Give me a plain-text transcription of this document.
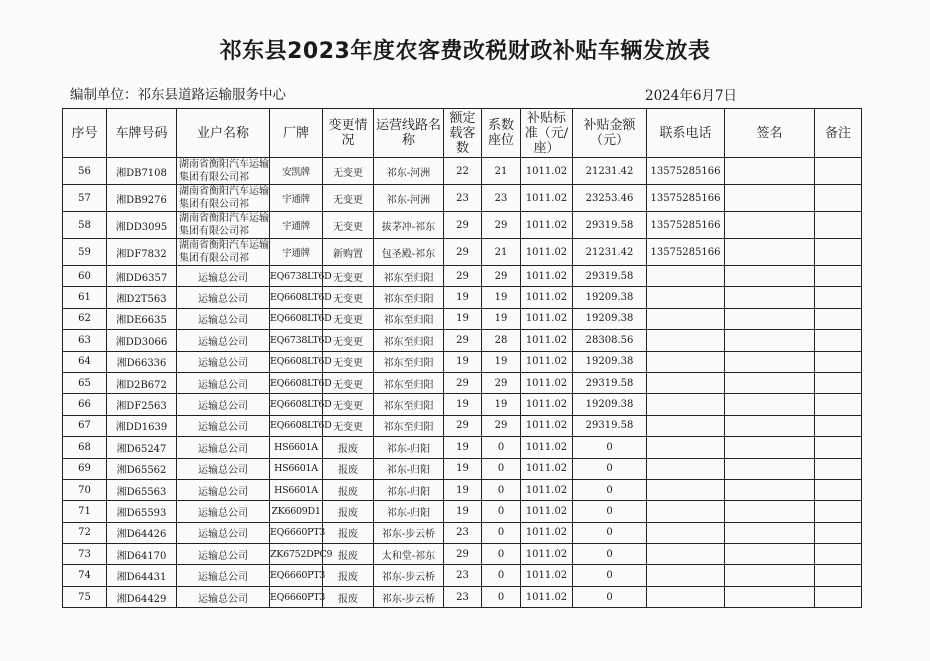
祁东县2023年度农客费改税财政补贴车辆发放表
编制单位：祁东县道路运输服务中心	2024年6月7日
序号	车牌号码	业户名称	厂牌	变更情况	运营线路名称	额定载客数	系数座位	补贴标准（元/座）	补贴金额（元）	联系电话	签名	备注
56	湘DB7108	湖南省衡阳汽车运输集团有限公司祁	安凯牌	无变更	祁东-河洲	22	21	1011.02	21231.42	13575285166		
57	湘DB9276	湖南省衡阳汽车运输集团有限公司祁	宇通牌	无变更	祁东-河洲	23	23	1011.02	23253.46	13575285166		
58	湘DD3095	湖南省衡阳汽车运输集团有限公司祁	宇通牌	无变更	拔茅冲-祁东	29	29	1011.02	29319.58	13575285166		
59	湘DF7832	湖南省衡阳汽车运输集团有限公司祁	宇通牌	新购置	包圣殿-祁东	29	21	1011.02	21231.42	13575285166		
60	湘DD6357	运输总公司	EQ6738LT6D	无变更	祁东至归阳	29	29	1011.02	29319.58			
61	湘D2T563	运输总公司	EQ6608LT6D	无变更	祁东至归阳	19	19	1011.02	19209.38			
62	湘DE6635	运输总公司	EQ6608LT6D	无变更	祁东至归阳	19	19	1011.02	19209.38			
63	湘DD3066	运输总公司	EQ6738LT6D	无变更	祁东至归阳	29	28	1011.02	28308.56			
64	湘D66336	运输总公司	EQ6608LT6D	无变更	祁东至归阳	19	19	1011.02	19209.38			
65	湘D2B672	运输总公司	EQ6608LT6D	无变更	祁东至归阳	29	29	1011.02	29319.58			
66	湘DF2563	运输总公司	EQ6608LT6D	无变更	祁东至归阳	19	19	1011.02	19209.38			
67	湘DD1639	运输总公司	EQ6608LT6D	无变更	祁东至归阳	29	29	1011.02	29319.58			
68	湘D65247	运输总公司	HS6601A	报废	祁东-归阳	19	0	1011.02	0			
69	湘D65562	运输总公司	HS6601A	报废	祁东-归阳	19	0	1011.02	0			
70	湘D65563	运输总公司	HS6601A	报废	祁东-归阳	19	0	1011.02	0			
71	湘D65593	运输总公司	ZK6609D1	报废	祁东-归阳	19	0	1011.02	0			
72	湘D64426	运输总公司	EQ6660PT3	报废	祁东-步云桥	23	0	1011.02	0			
73	湘D64170	运输总公司	ZK6752DPC9	报废	太和堂-祁东	29	0	1011.02	0			
74	湘D64431	运输总公司	EQ6660PT3	报废	祁东-步云桥	23	0	1011.02	0			
75	湘D64429	运输总公司	EQ6660PT3	报废	祁东-步云桥	23	0	1011.02	0			
